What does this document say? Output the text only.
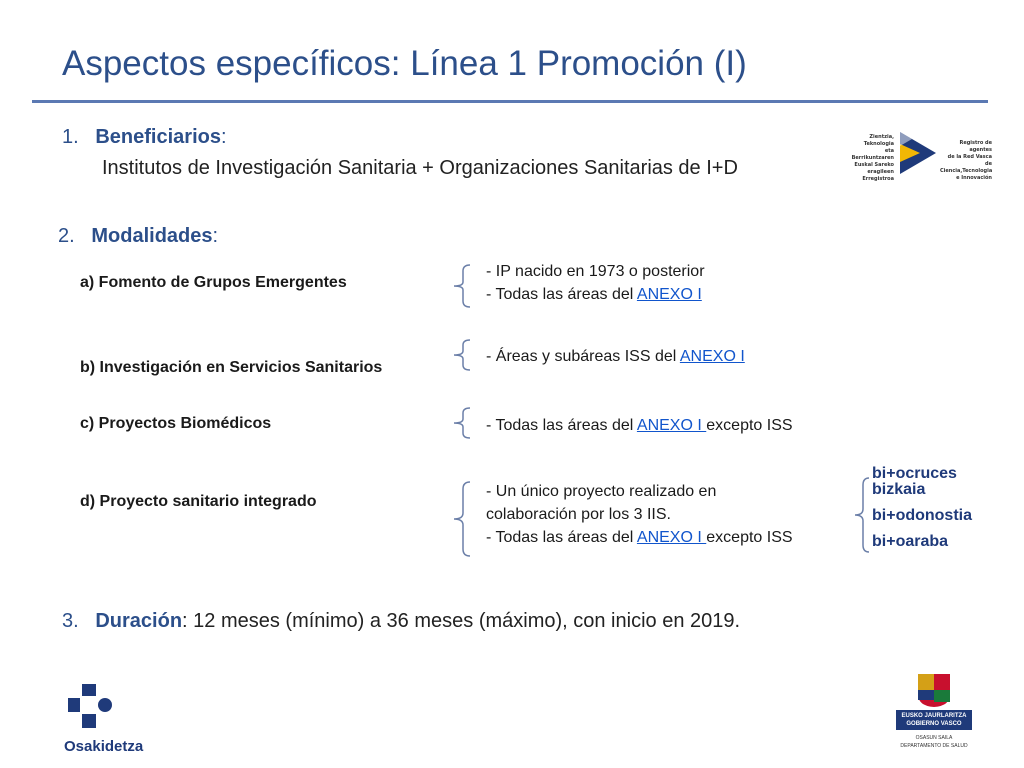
Aspectos específicos: Línea 1 Promoción (I)
1. Beneficiarios:
Institutos de Investigación Sanitaria + Organizaciones Sanitarias de I+D
Zientzia, Teknologia
eta Berrikuntzaren
Euskal Sareko
eragileen Erregistroa
Registro de agentes
de la Red Vasca de
Ciencia,Tecnologia
e Innovación
2. Modalidades:
a) Fomento de Grupos Emergentes
- IP nacido en 1973 o posterior
- Todas las áreas del ANEXO I
b) Investigación en Servicios Sanitarios
- Áreas y subáreas ISS del ANEXO I
c) Proyectos Biomédicos	- Todas las áreas del ANEXO I excepto ISS
d) Proyecto sanitario integrado
- Un único proyecto realizado en
colaboración por los 3 IIS.
- Todas las áreas del ANEXO I excepto ISS
bi+ocruces
bizkaia
bi+odonostia
bi+oaraba
3. Duración: 12 meses (mínimo) a 36 meses (máximo), con inicio en 2019.
Osakidetza
EUSKO JAURLARITZA
GOBIERNO VASCO
OSASUN SAILA
DEPARTAMENTO DE SALUD
